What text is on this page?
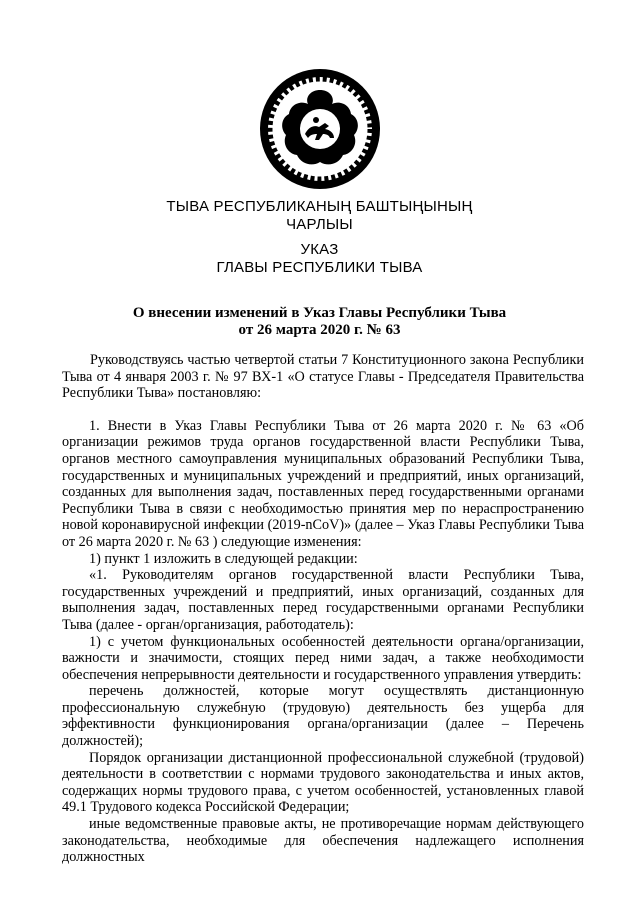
ТЫВА РЕСПУБЛИКАНЫҢ БАШТЫҢЫНЫҢ
ЧАРЛЫЫ
УКАЗ
ГЛАВЫ РЕСПУБЛИКИ ТЫВА
О внесении изменений в Указ Главы Республики Тыва
от 26 марта 2020 г. № 63

Руководствуясь частью четвертой статьи 7 Конституционного закона Республики Тыва от 4 января 2003 г. № 97 ВХ-1 «О статусе Главы - Председателя Правительства Республики Тыва» постановляю:

1. Внести в Указ Главы Республики Тыва от 26 марта 2020 г. № 63 «Об организации режимов труда органов государственной власти Республики Тыва, органов местного самоуправления муниципальных образований Республики Тыва, государственных и муниципальных учреждений и предприятий, иных организаций, созданных для выполнения задач, поставленных перед государственными органами Республики Тыва в связи с необходимостью принятия мер по нераспространению новой коронавирусной инфекции (2019-nCoV)» (далее – Указ Главы Республики Тыва от 26 марта 2020 г. № 63 ) следующие изменения:

1) пункт 1 изложить в следующей редакции:

«1. Руководителям органов государственной власти Республики Тыва, государственных учреждений и предприятий, иных организаций, созданных для выполнения задач, поставленных перед государственными органами Республики Тыва (далее - орган/организация, работодатель):

1) с учетом функциональных особенностей деятельности органа/организации, важности и значимости, стоящих перед ними задач, а также необходимости обеспечения непрерывности деятельности и государственного управления утвердить:

перечень должностей, которые могут осуществлять дистанционную профессиональную служебную (трудовую) деятельность без ущерба для эффективности функционирования органа/организации (далее – Перечень должностей);

Порядок организации дистанционной профессиональной служебной (трудовой) деятельности в соответствии с нормами трудового законодательства и иных актов, содержащих нормы трудового права, с учетом особенностей, установленных главой 49.1 Трудового кодекса Российской Федерации;

иные ведомственные правовые акты, не противоречащие нормам действующего законодательства, необходимые для обеспечения надлежащего исполнения должностных
